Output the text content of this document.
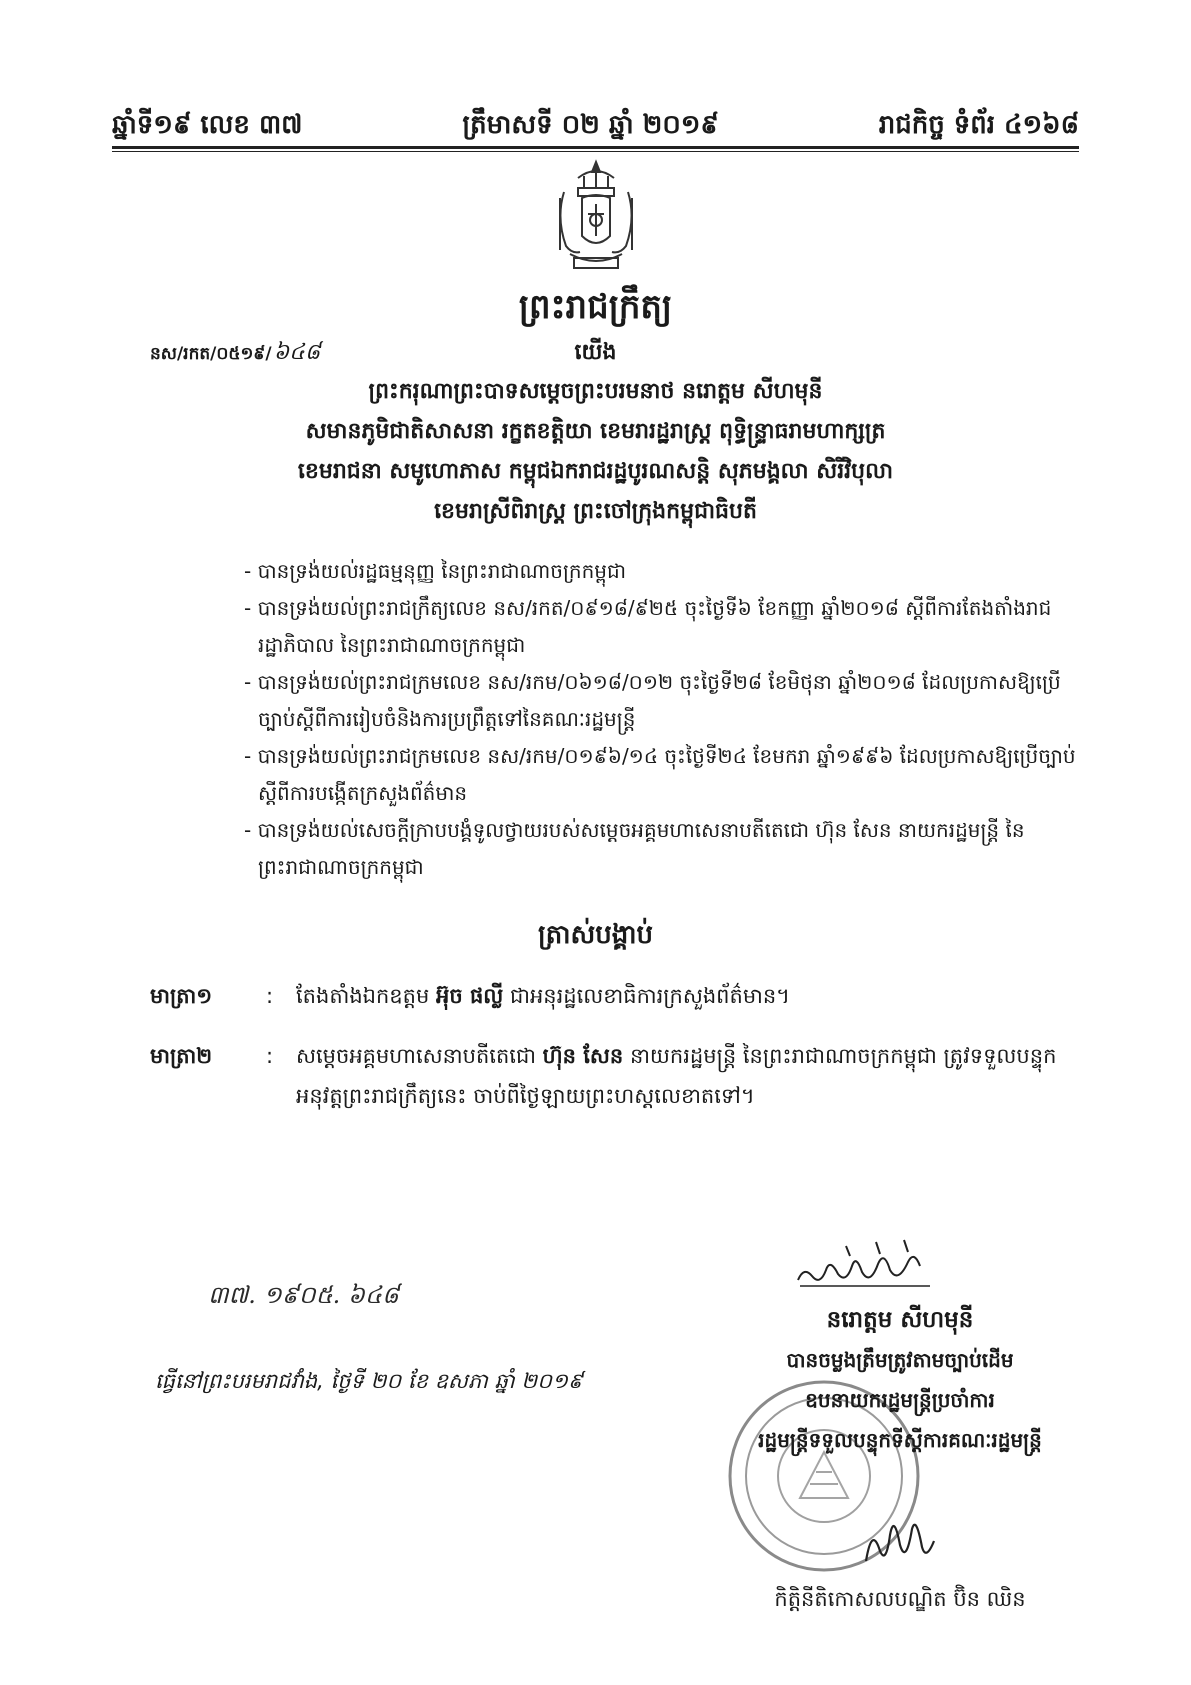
ឆ្នាំទី១៩ លេខ ៣៧	ត្រឹមាសទី ០២ ឆ្នាំ ២០១៩	រាជកិច្ច ទំព័រ ៤១៦៨
ព្រះរាជក្រឹត្យ
នស/រកត/០៥១៩/៦៤៨	យើង
ព្រះករុណាព្រះបាទសម្តេចព្រះបរមនាថ នរោត្តម សីហមុនី
សមានភូមិជាតិសាសនា រក្ខតខត្តិយា ខេមរារដ្ឋរាស្ត្រ ពុទ្ធិន្ទ្រាធរាមហាក្សត្រ
ខេមរាជនា សមូហោភាស កម្ពុជឯករាជរដ្ឋបូរណសន្តិ សុភមង្គលា សិរីវិបុលា
ខេមរាស្រីពិរាស្ត្រ ព្រះចៅក្រុងកម្ពុជាធិបតី
- បានទ្រង់យល់រដ្ឋធម្មនុញ្ញ នៃព្រះរាជាណាចក្រកម្ពុជា
- បានទ្រង់យល់ព្រះរាជក្រឹត្យលេខ នស/រកត/០៩១៨/៩២៥ ចុះថ្ងៃទី៦ ខែកញ្ញា ឆ្នាំ២០១៨ ស្តីពីការតែងតាំងរាជរដ្ឋាភិបាល នៃព្រះរាជាណាចក្រកម្ពុជា
- បានទ្រង់យល់ព្រះរាជក្រមលេខ នស/រកម/០៦១៨/០១២ ចុះថ្ងៃទី២៨ ខែមិថុនា ឆ្នាំ២០១៨ ដែលប្រកាសឱ្យប្រើច្បាប់ស្តីពីការរៀបចំនិងការប្រព្រឹត្តទៅនៃគណៈរដ្ឋមន្ត្រី
- បានទ្រង់យល់ព្រះរាជក្រមលេខ នស/រកម/០១៩៦/១៤ ចុះថ្ងៃទី២៤ ខែមករា ឆ្នាំ១៩៩៦ ដែលប្រកាសឱ្យប្រើច្បាប់ស្តីពីការបង្កើតក្រសួងព័ត៌មាន
- បានទ្រង់យល់សេចក្តីក្រាបបង្គំទូលថ្វាយរបស់សម្តេចអគ្គមហាសេនាបតីតេជោ ហ៊ុន សែន នាយករដ្ឋមន្ត្រី នៃព្រះរាជាណាចក្រកម្ពុជា
ត្រាស់បង្គាប់
មាត្រា១	:	តែងតាំងឯកឧត្តម អ៊ុច ផល្លី ជាអនុរដ្ឋលេខាធិការក្រសួងព័ត៌មាន។
មាត្រា២	:	សម្តេចអគ្គមហាសេនាបតីតេជោ ហ៊ុន សែន នាយករដ្ឋមន្ត្រី នៃព្រះរាជាណាចក្រកម្ពុជា ត្រូវទទួលបន្ទុកអនុវត្តព្រះរាជក្រឹត្យនេះ ចាប់ពីថ្ងៃឡាយព្រះហស្តលេខាតទៅ។
៣៧. ១៩០៥. ៦៤៨
ធ្វើនៅព្រះបរមរាជវាំង, ថ្ងៃទី ២០ ខែ ឧសភា ឆ្នាំ ២០១៩
នរោត្តម សីហមុនី
បានចម្លងត្រឹមត្រូវតាមច្បាប់ដើម
ឧបនាយករដ្ឋមន្ត្រីប្រចាំការ
រដ្ឋមន្ត្រីទទួលបន្ទុកទីស្តីការគណៈរដ្ឋមន្ត្រី
កិត្តិនីតិកោសលបណ្ឌិត ប៊ិន ឈិន
